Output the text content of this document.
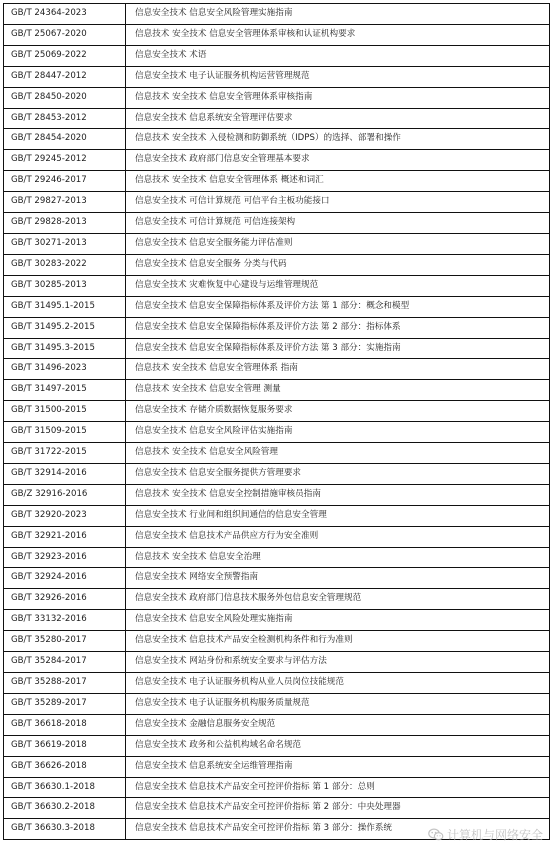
GB/T 24364-2023	信息安全技术 信息安全风险管理实施指南
GB/T 25067-2020	信息技术 安全技术 信息安全管理体系审核和认证机构要求
GB/T 25069-2022	信息安全技术 术语
GB/T 28447-2012	信息安全技术 电子认证服务机构运营管理规范
GB/T 28450-2020	信息技术 安全技术 信息安全管理体系审核指南
GB/T 28453-2012	信息安全技术 信息系统安全管理评估要求
GB/T 28454-2020	信息技术 安全技术 入侵检测和防御系统（IDPS）的选择、部署和操作
GB/T 29245-2012	信息安全技术 政府部门信息安全管理基本要求
GB/T 29246-2017	信息技术 安全技术 信息安全管理体系 概述和词汇
GB/T 29827-2013	信息安全技术 可信计算规范 可信平台主板功能接口
GB/T 29828-2013	信息安全技术 可信计算规范 可信连接架构
GB/T 30271-2013	信息安全技术 信息安全服务能力评估准则
GB/T 30283-2022	信息安全技术 信息安全服务 分类与代码
GB/T 30285-2013	信息安全技术 灾难恢复中心建设与运维管理规范
GB/T 31495.1-2015	信息安全技术 信息安全保障指标体系及评价方法 第 1 部分：概念和模型
GB/T 31495.2-2015	信息安全技术 信息安全保障指标体系及评价方法 第 2 部分：指标体系
GB/T 31495.3-2015	信息安全技术 信息安全保障指标体系及评价方法 第 3 部分：实施指南
GB/T 31496-2023	信息技术 安全技术 信息安全管理体系 指南
GB/T 31497-2015	信息技术 安全技术 信息安全管理 测量
GB/T 31500-2015	信息安全技术 存储介质数据恢复服务要求
GB/T 31509-2015	信息安全技术 信息安全风险评估实施指南
GB/T 31722-2015	信息技术 安全技术 信息安全风险管理
GB/T 32914-2016	信息安全技术 信息安全服务提供方管理要求
GB/Z 32916-2016	信息技术 安全技术 信息安全控制措施审核员指南
GB/T 32920-2023	信息安全技术 行业间和组织间通信的信息安全管理
GB/T 32921-2016	信息安全技术 信息技术产品供应方行为安全准则
GB/T 32923-2016	信息技术 安全技术 信息安全治理
GB/T 32924-2016	信息安全技术 网络安全预警指南
GB/T 32926-2016	信息安全技术 政府部门信息技术服务外包信息安全管理规范
GB/T 33132-2016	信息安全技术 信息安全风险处理实施指南
GB/T 35280-2017	信息安全技术 信息技术产品安全检测机构条件和行为准则
GB/T 35284-2017	信息安全技术 网站身份和系统安全要求与评估方法
GB/T 35288-2017	信息安全技术 电子认证服务机构从业人员岗位技能规范
GB/T 35289-2017	信息安全技术 电子认证服务机构服务质量规范
GB/T 36618-2018	信息安全技术 金融信息服务安全规范
GB/T 36619-2018	信息安全技术 政务和公益机构域名命名规范
GB/T 36626-2018	信息安全技术 信息系统安全运维管理指南
GB/T 36630.1-2018	信息安全技术 信息技术产品安全可控评价指标 第 1 部分：总则
GB/T 36630.2-2018	信息安全技术 信息技术产品安全可控评价指标 第 2 部分：中央处理器
GB/T 36630.3-2018	信息安全技术 信息技术产品安全可控评价指标 第 3 部分：操作系统	计算机与网络安全
